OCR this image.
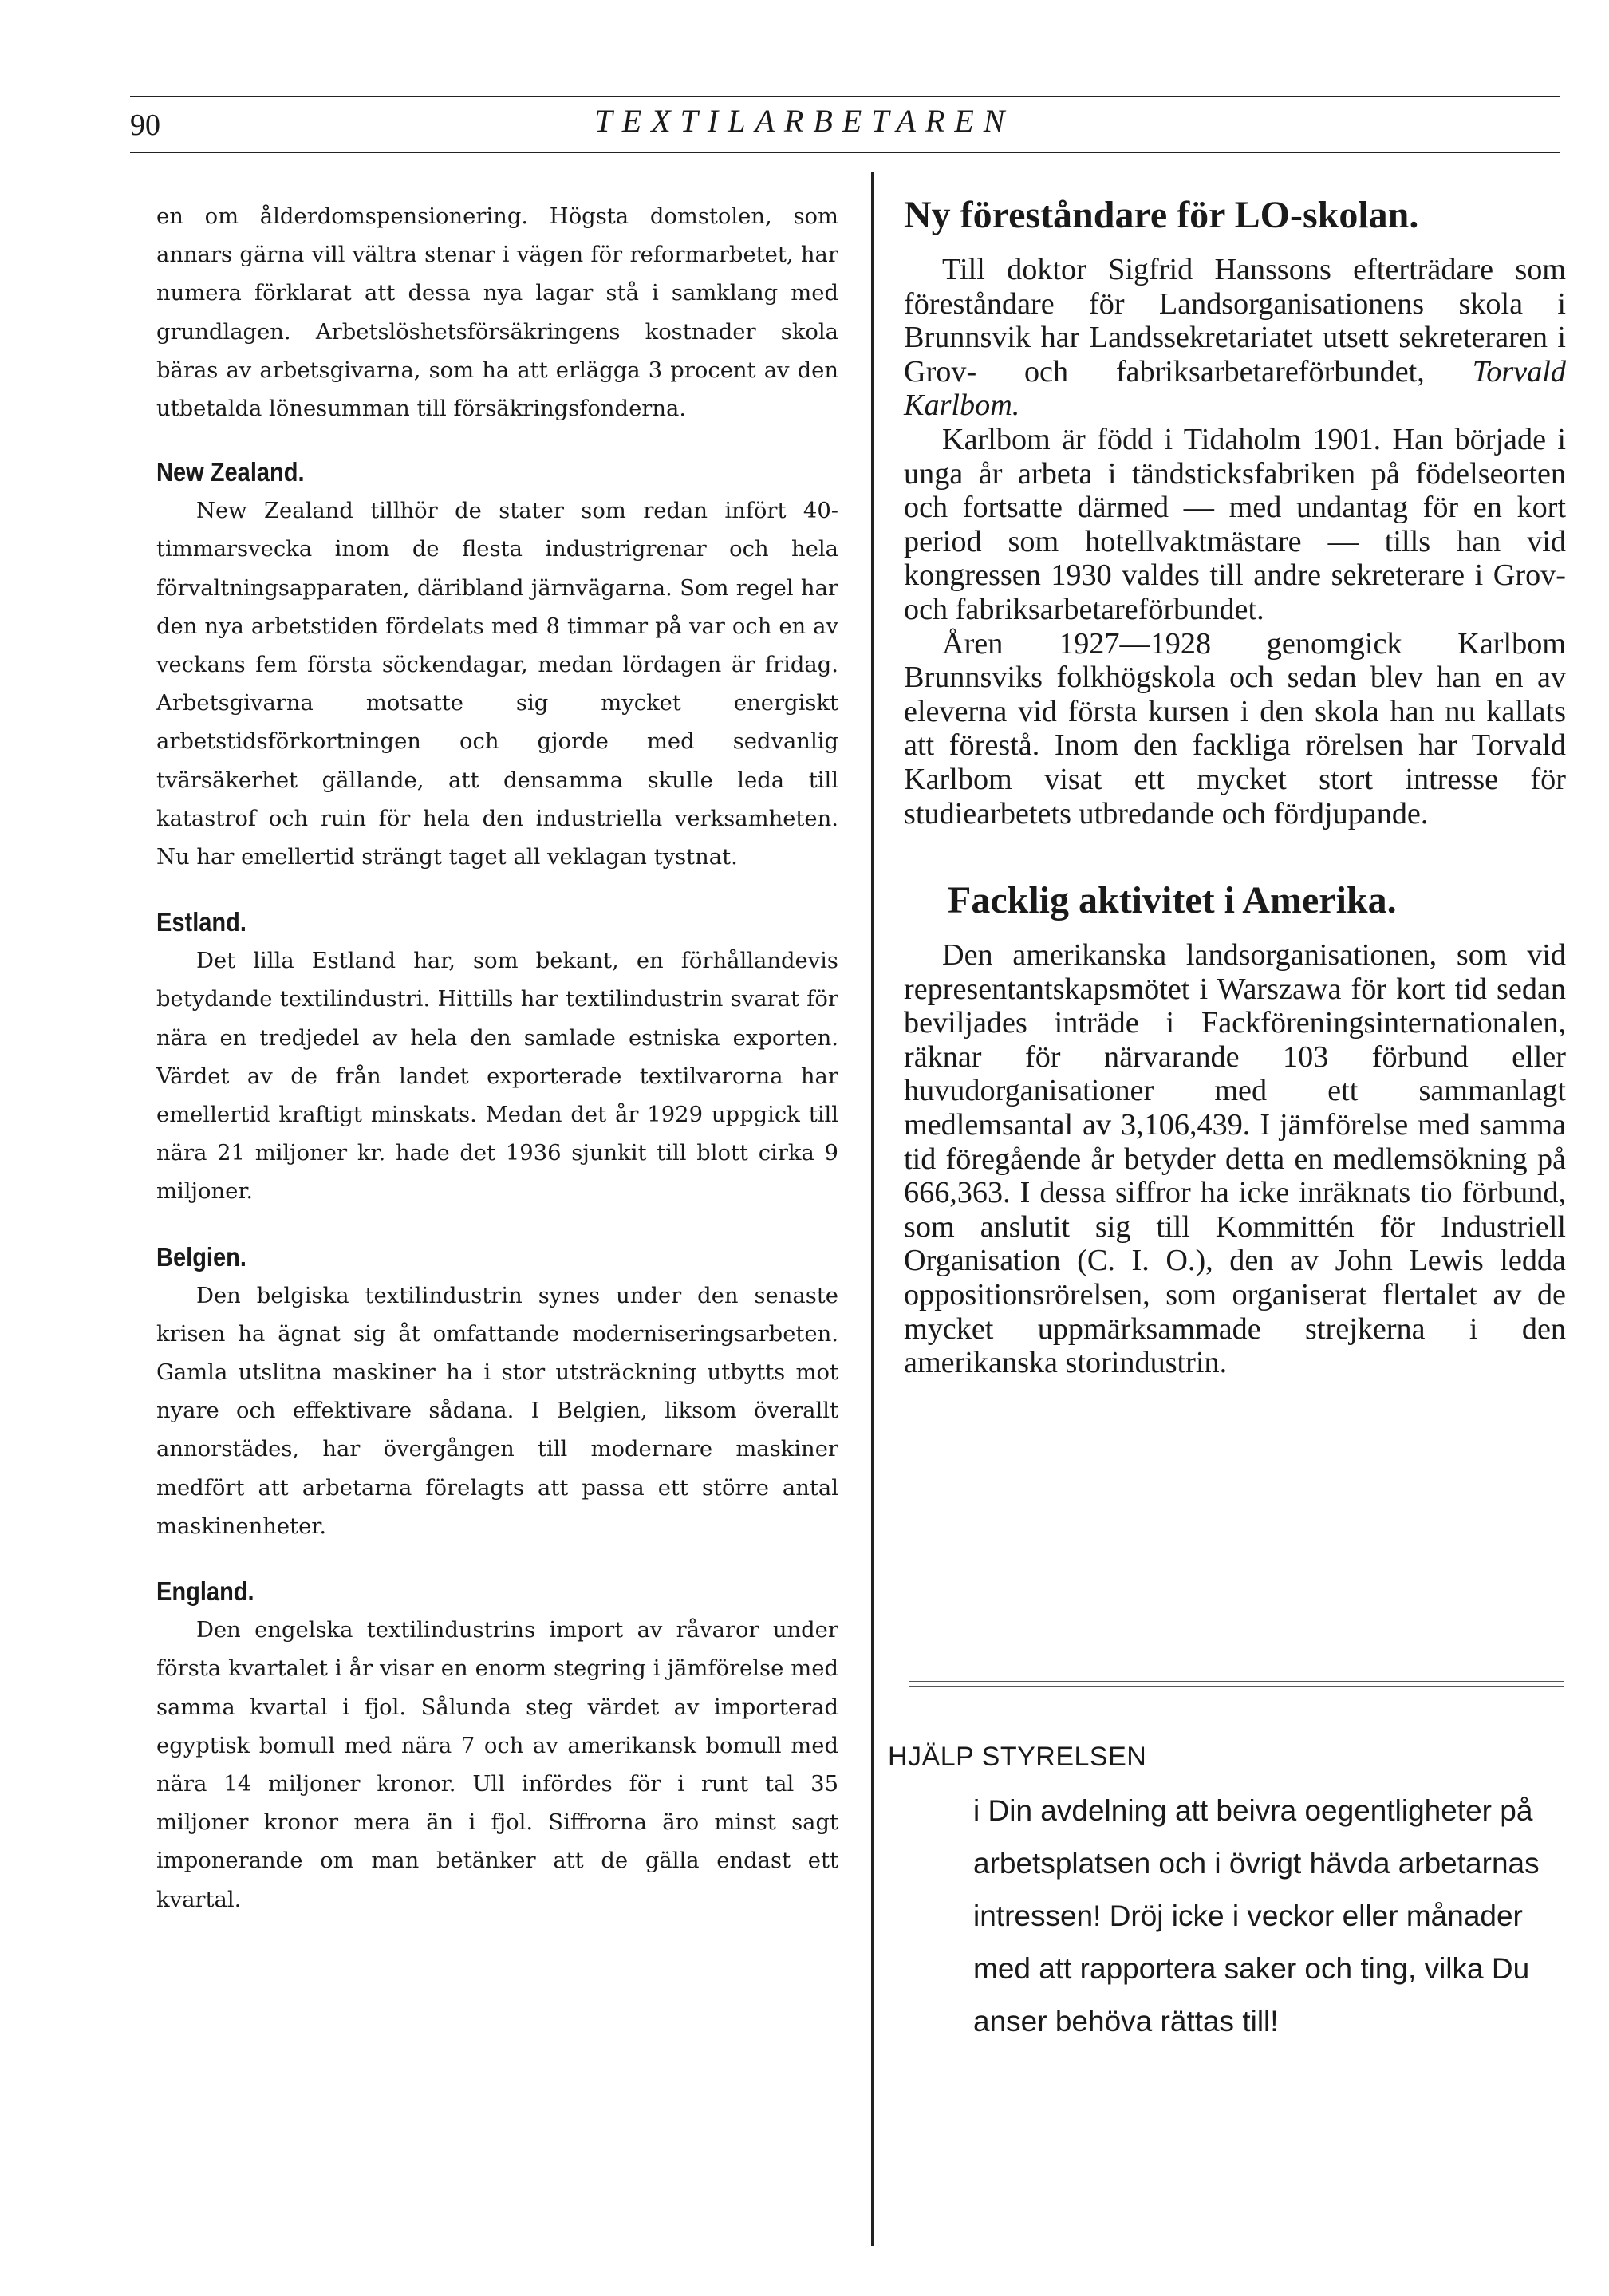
90	TEXTILARBETAREN

en om ålderdomspensionering. Högsta domstolen, som annars gärna vill vältra stenar i vägen för reformarbetet, har numera förklarat att dessa nya lagar stå i samklang med grundlagen. Arbetslöshetsförsäkringens kostnader skola bäras av arbetsgivarna, som ha att erlägga 3 procent av den utbetalda lönesumman till försäkringsfonderna.

New Zealand.

New Zealand tillhör de stater som redan infört 40-timmarsvecka inom de flesta industrigrenar och hela förvaltningsapparaten, däribland järnvägarna. Som regel har den nya arbetstiden fördelats med 8 timmar på var och en av veckans fem första söckendagar, medan lördagen är fridag. Arbetsgivarna motsatte sig mycket energiskt arbetstidsförkortningen och gjorde med sedvanlig tvärsäkerhet gällande, att densamma skulle leda till katastrof och ruin för hela den industriella verksamheten. Nu har emellertid strängt taget all veklagan tystnat.

Estland.

Det lilla Estland har, som bekant, en förhållandevis betydande textilindustri. Hittills har textilindustrin svarat för nära en tredjedel av hela den samlade estniska exporten. Värdet av de från landet exporterade textilvarorna har emellertid kraftigt minskats. Medan det år 1929 uppgick till nära 21 miljoner kr. hade det 1936 sjunkit till blott cirka 9 miljoner.

Belgien.

Den belgiska textilindustrin synes under den senaste krisen ha ägnat sig åt omfattande moderniseringsarbeten. Gamla utslitna maskiner ha i stor utsträckning utbytts mot nyare och effektivare sådana. I Belgien, liksom överallt annorstädes, har övergången till modernare maskiner medfört att arbetarna förelagts att passa ett större antal maskinenheter.

England.

Den engelska textilindustrins import av råvaror under första kvartalet i år visar en enorm stegring i jämförelse med samma kvartal i fjol. Sålunda steg värdet av importerad egyptisk bomull med nära 7 och av amerikansk bomull med nära 14 miljoner kronor. Ull infördes för i runt tal 35 miljoner kronor mera än i fjol. Siffrorna äro minst sagt imponerande om man betänker att de gälla endast ett kvartal.

Ny föreståndare för LO-skolan.

Till doktor Sigfrid Hanssons efterträdare som föreståndare för Landsorganisationens skola i Brunnsvik har Landssekretariatet utsett sekreteraren i Grov- och fabriksarbetareförbundet, Torvald Karlbom.

Karlbom är född i Tidaholm 1901. Han började i unga år arbeta i tändsticksfabriken på födelseorten och fortsatte därmed — med undantag för en kort period som hotellvaktmästare — tills han vid kongressen 1930 valdes till andre sekreterare i Grov- och fabriksarbetareförbundet.

Åren 1927—1928 genomgick Karlbom Brunnsviks folkhögskola och sedan blev han en av eleverna vid första kursen i den skola han nu kallats att förestå. Inom den fackliga rörelsen har Torvald Karlbom visat ett mycket stort intresse för studiearbetets utbredande och fördjupande.

Facklig aktivitet i Amerika.

Den amerikanska landsorganisationen, som vid representantskapsmötet i Warszawa för kort tid sedan beviljades inträde i Fackföreningsinternationalen, räknar för närvarande 103 förbund eller huvudorganisationer med ett sammanlagt medlemsantal av 3,106,439. I jämförelse med samma tid föregående år betyder detta en medlemsökning på 666,363. I dessa siffror ha icke inräknats tio förbund, som anslutit sig till Kommittén för Industriell Organisation (C. I. O.), den av John Lewis ledda oppositionsrörelsen, som organiserat flertalet av de mycket uppmärksammade strejkerna i den amerikanska storindustrin.

HJÄLP STYRELSEN

i Din avdelning att beivra oegentligheter på arbetsplatsen och i övrigt hävda arbetarnas intressen! Dröj icke i veckor eller månader med att rapportera saker och ting, vilka Du anser behöva rättas till!
